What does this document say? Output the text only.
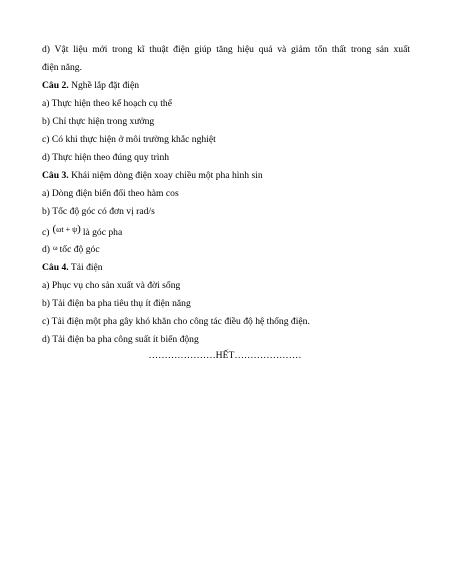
d) Vật liệu mới trong kĩ thuật điện giúp tăng hiệu quả và giảm tổn thất trong sản xuất
điện năng.
Câu 2. Nghề lắp đặt điện
a) Thực hiện theo kế hoạch cụ thể
b) Chỉ thực hiện trong xưởng
c) Có khi thực hiện ở môi trường khắc nghiệt
d) Thực hiện theo đúng quy trình
Câu 3. Khái niệm dòng điện xoay chiều một pha hình sin
a) Dòng điện biến đổi theo hàm cos
b) Tốc độ góc có đơn vị rad/s
c) $^{(\omega t + \psi)}$ là góc pha
d) $^\omega$ tốc độ góc
Câu 4. Tải điện
a) Phục vụ cho sản xuất và đời sống
b) Tải điện ba pha tiêu thụ ít điện năng
c) Tải điện một pha gây khó khăn cho công tác điều độ hệ thống điện.
d) Tải điện ba pha công suất ít biến động
…………………HẾT…………………
